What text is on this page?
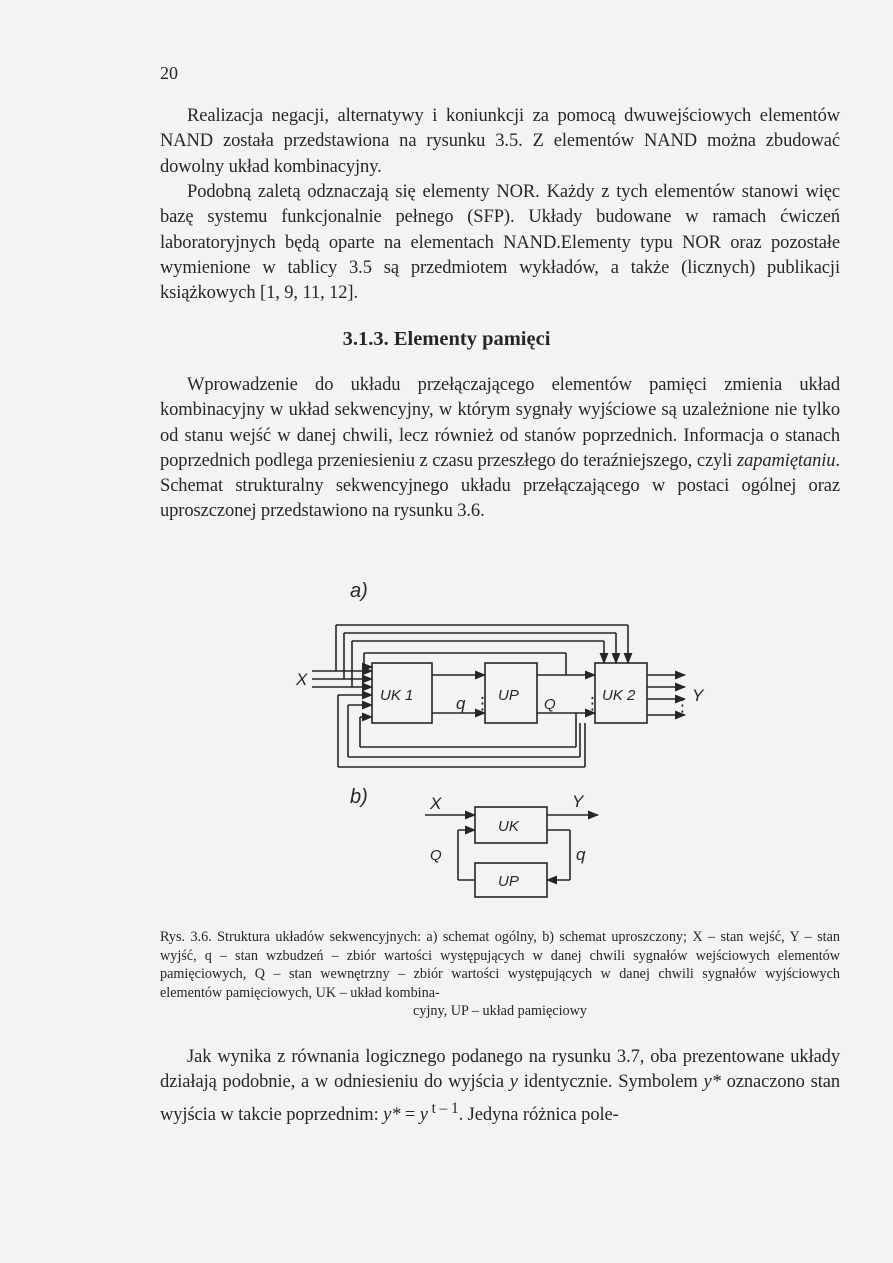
20

Realizacja negacji, alternatywy i koniunkcji za pomocą dwuwejściowych elementów NAND została przedstawiona na rysunku 3.5. Z elementów NAND można zbudować dowolny układ kombinacyjny.

Podobną zaletą odznaczają się elementy NOR. Każdy z tych elementów stanowi więc bazę systemu funkcjonalnie pełnego (SFP). Układy budowane w ramach ćwiczeń laboratoryjnych będą oparte na elementach NAND.Elementy typu NOR oraz pozostałe wymienione w tablicy 3.5 są przedmiotem wykładów, a także (licznych) publikacji książkowych [1, 9, 11, 12].

3.1.3. Elementy pamięci

Wprowadzenie do układu przełączającego elementów pamięci zmienia układ kombinacyjny w układ sekwencyjny, w którym sygnały wyjściowe są uzależnione nie tylko od stanu wejść w danej chwili, lecz również od stanów poprzednich. Informacja o stanach poprzednich podlega przeniesieniu z czasu przeszłego do teraźniejszego, czyli zapamiętaniu. Schemat strukturalny sekwencyjnego układu przełączającego w postaci ogólnej oraz uproszczonej przedstawiono na rysunku 3.6.

a)
UK 1	UP	UK 2
X
Y
q	Q
⋮	⋮	⋮
b)
UK
UP
X	Y
Q	q

Rys. 3.6. Struktura układów sekwencyjnych: a) schemat ogólny, b) schemat uproszczony; X – stan wejść, Y – stan wyjść, q – stan wzbudzeń – zbiór wartości występujących w danej chwili sygnałów wejściowych elementów pamięciowych, Q – stan wewnętrzny – zbiór wartości występujących w danej chwili sygnałów wyjściowych elementów pamięciowych, UK – układ kombina-
cyjny, UP – układ pamięciowy

Jak wynika z równania logicznego podanego na rysunku 3.7, oba prezentowane układy działają podobnie, a w odniesieniu do wyjścia y identycznie. Symbolem y* oznaczono stan wyjścia w takcie poprzednim: y* = y $^{t - 1}$. Jedyna różnica pole-
